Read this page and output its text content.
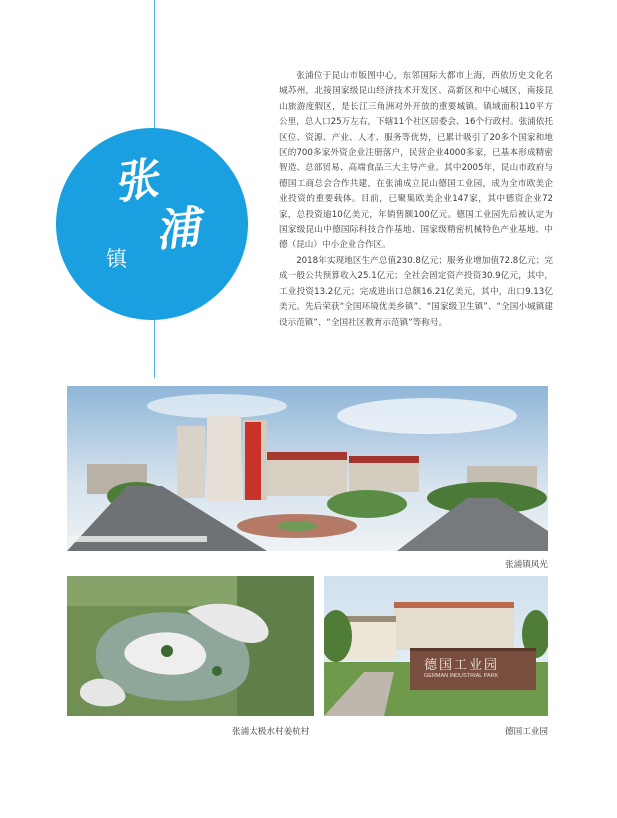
张
浦
镇

张浦位于昆山市版图中心，东邻国际大都市上海，西依历史文化名城苏州，北接国家级昆山经济技术开发区、高新区和中心城区，南接昆山旅游度假区，是长江三角洲对外开放的重要城镇。镇域面积110平方公里，总人口25万左右，下辖11个社区居委会、16个行政村。张浦依托区位、资源、产业、人才、服务等优势，已累计吸引了20多个国家和地区的700多家外资企业注册落户，民营企业4000多家，已基本形成精密智造、总部贸易、高端食品三大主导产业。其中2005年，昆山市政府与德国工商总会合作共建，在张浦成立昆山德国工业园，成为全市欧美企业投资的重要载体。目前，已聚集欧美企业147家，其中德资企业72家，总投资逾10亿美元，年销售额100亿元。德国工业园先后被认定为国家级昆山中德国际科技合作基地、国家级精密机械特色产业基地、中德（昆山）中小企业合作区。

2018年实现地区生产总值230.8亿元；服务业增加值72.8亿元；完成一般公共预算收入25.1亿元；全社会固定资产投资30.9亿元，其中，工业投资13.2亿元；完成进出口总额16.21亿美元，其中，出口9.13亿美元。先后荣获“全国环境优美乡镇”、“国家级卫生镇”、“全国小城镇建设示范镇”、“全国社区教育示范镇”等称号。

张浦镇风光
张浦太极水村姜杭村
德国工业园
GERMAN INDUSTRIAL PARK
德国工业园
